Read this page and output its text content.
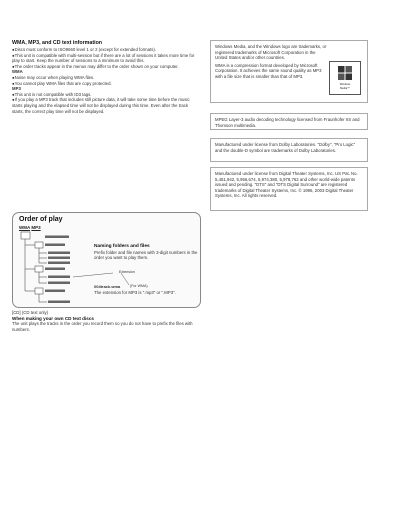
WMA, MP3, and CD text information

●Discs must conform to ISO9660 level 1 or 2 (except for extended formats).

●This unit is compatible with multi-session but if there are a lot of sessions it takes more time for play to start. Keep the number of sessions to a minimum to avoid this.

●The order tracks appear in the menus may differ to the order shown on your computer.

WMA

●Noise may occur when playing WMA files.

●You cannot play WMA files that are copy protected.

MP3

●This unit is not compatible with ID3 tags.

●If you play a MP3 track that includes still picture data, it will take some time before the music starts playing and the elapsed time will not be displayed during this time. Even after the track starts, the correct play time will not be displayed.

Order of play
WMA MP3
Naming folders and files
Prefix folder and file names with 3-digit numbers in the order you want to play them.
Extension
004track.wma	(For WMA)
The extension for MP3 is ".mp3" or ".MP3".

[CD] (CD text only)

When making your own CD text discs

The unit plays the tracks in the order you record them so you do not have to prefix the files with numbers.

Windows Media, and the Windows logo are trademarks, or registered trademarks of Microsoft Corporation in the United States and/or other countries.

WMA is a compression format developed by Microsoft Corporation. It achieves the same sound quality as MP3 with a file size that is smaller than that of MP3.

Windows
Media™

MPEG Layer-3 audio decoding technology licensed from Fraunhofer IIS and Thomson multimedia.

Manufactured under license from Dolby Laboratories. "Dolby", "Pro Logic" and the double-D symbol are trademarks of Dolby Laboratories.

Manufactured under license from Digital Theater Systems, Inc. US Pat. No. 5,451,942, 5,956,674, 5,974,380, 5,978,762 and other world-wide patents issued and pending. "DTS" and "DTS Digital Surround" are registered trademarks of Digital Theater Systems, Inc. © 1996, 2003 Digital Theater Systems, Inc. All rights reserved.
